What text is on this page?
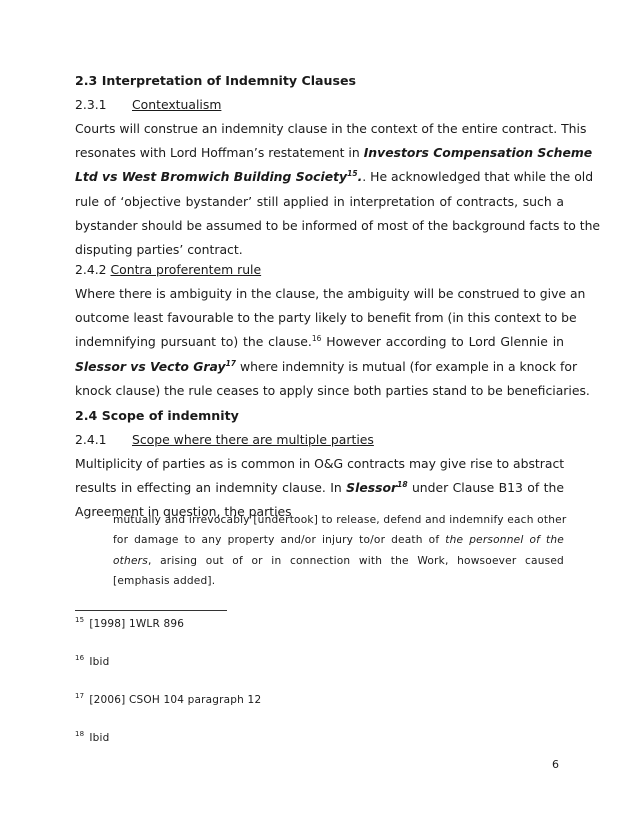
2.3 Interpretation of Indemnity Clauses
2.3.1 Contextualism
Courts will construe an indemnity clause in the context of the entire contract. This
resonates with Lord Hoffman’s restatement in Investors Compensation Scheme
Ltd vs West Bromwich Building Society$^{15}$.. He acknowledged that while the old
rule of ‘objective bystander’ still applied in interpretation of contracts, such a
bystander should be assumed to be informed of most of the background facts to the
disputing parties’ contract.
2.4.2 Contra proferentem rule
Where there is ambiguity in the clause, the ambiguity will be construed to give an
outcome least favourable to the party likely to benefit from (in this context to be
indemnifying pursuant to) the clause.$^{16}$ However according to Lord Glennie in
Slessor vs Vecto Gray$^{17}$ where indemnity is mutual (for example in a knock for
knock clause) the rule ceases to apply since both parties stand to be beneficiaries.
2.4 Scope of indemnity
2.4.1 Scope where there are multiple parties
Multiplicity of parties as is common in O&G contracts may give rise to abstract
results in effecting an indemnity clause. In Slessor$^{18}$ under Clause B13 of the
Agreement in question, the parties
mutually and irrevocably [undertook] to release, defend and indemnify each other
for damage to any property and/or injury to/or death of the personnel of the
others, arising out of or in connection with the Work, howsoever caused
[emphasis added].
$^{15}$ [1998] 1WLR 896
$^{16}$ Ibid
$^{17}$ [2006] CSOH 104 paragraph 12
$^{18}$ Ibid
6
